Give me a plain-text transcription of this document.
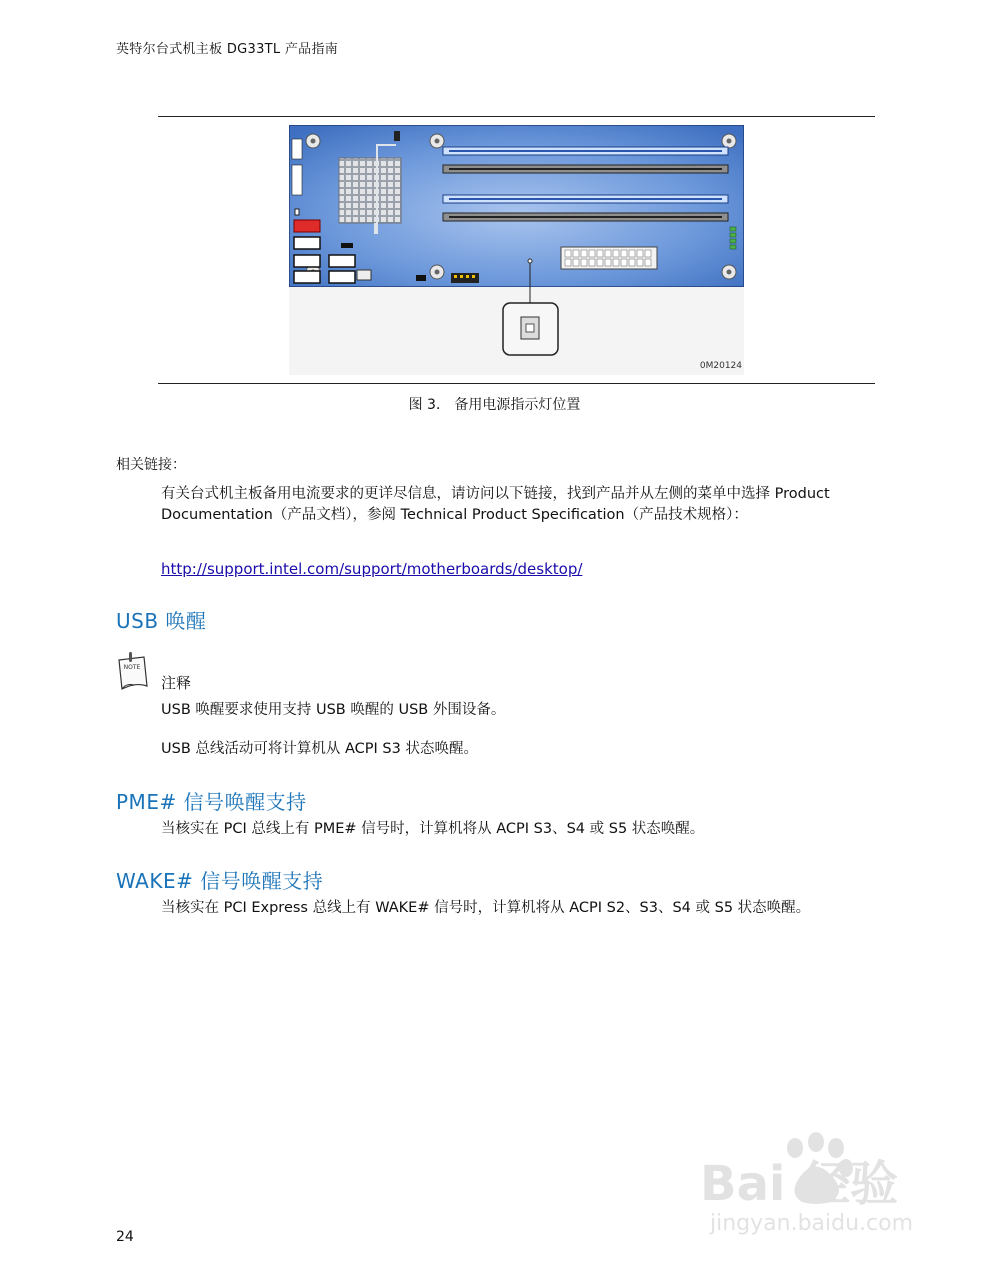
英特尔台式机主板 DG33TL 产品指南
0M20124
图 3． 备用电源指示灯位置
相关链接：
有关台式机主板备用电流要求的更详尽信息，请访问以下链接，找到产品并从左侧的菜单中选择 Product Documentation（产品文档），参阅 Technical Product Specification（产品技术规格）：
http://support.intel.com/support/motherboards/desktop/
USB 唤醒
NOTE
注释
USB 唤醒要求使用支持 USB 唤醒的 USB 外围设备。
USB 总线活动可将计算机从 ACPI S3 状态唤醒。
PME# 信号唤醒支持
当核实在 PCI 总线上有 PME# 信号时，计算机将从 ACPI S3、S4 或 S5 状态唤醒。
WAKE# 信号唤醒支持
当核实在 PCI Express 总线上有 WAKE# 信号时，计算机将从 ACPI S2、S3、S4 或 S5 状态唤醒。
24
Bai 经验
jingyan.baidu.com
